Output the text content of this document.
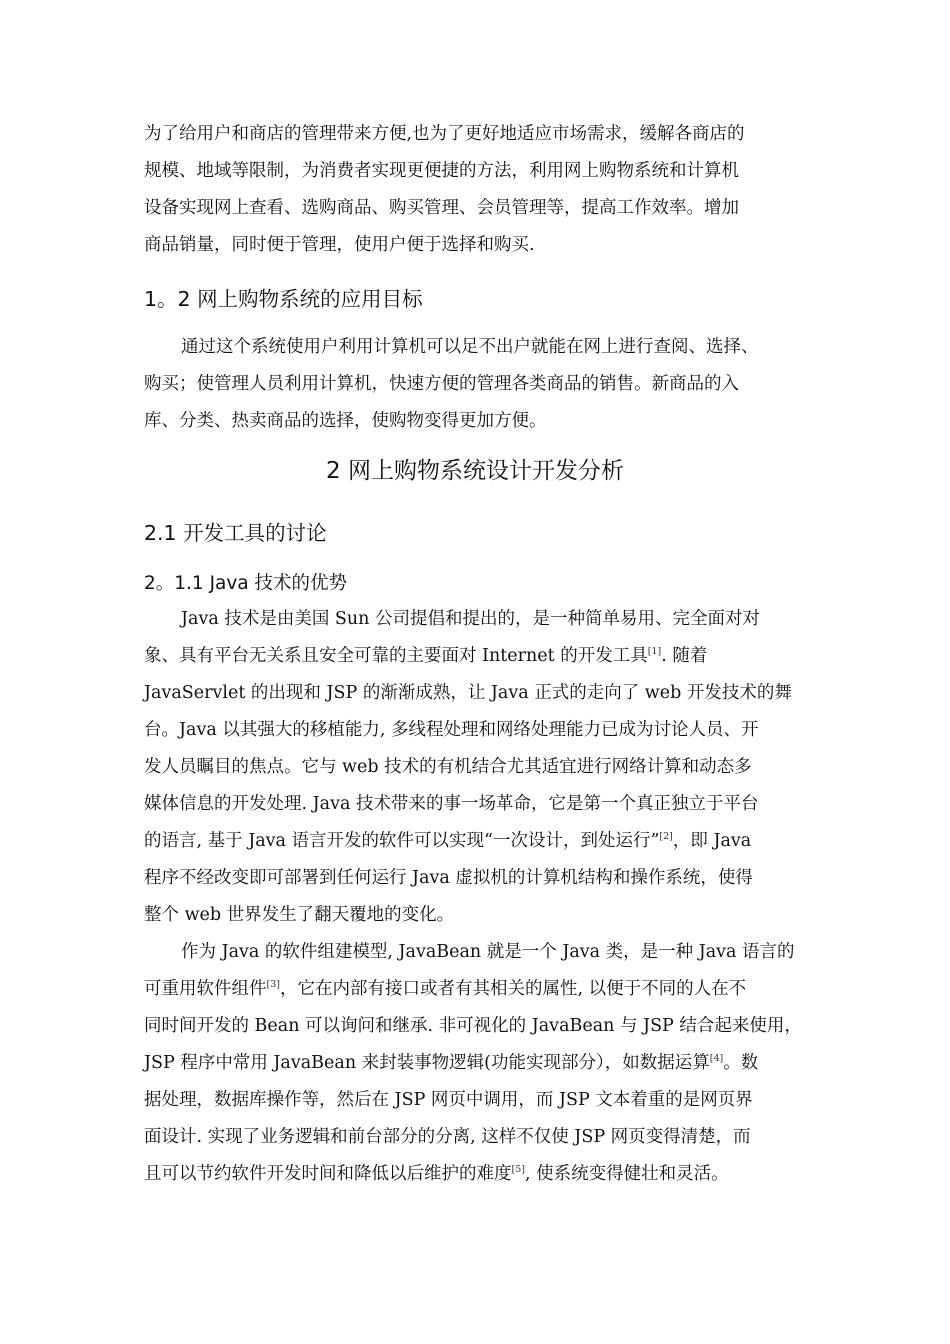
为了给用户和商店的管理带来方便,也为了更好地适应市场需求，缓解各商店的
规模、地域等限制，为消费者实现更便捷的方法，利用网上购物系统和计算机
设备实现网上查看、选购商品、购买管理、会员管理等，提高工作效率。增加
商品销量，同时便于管理，使用户便于选择和购买.
1。2 网上购物系统的应用目标
通过这个系统使用户利用计算机可以足不出户就能在网上进行查阅、选择、
购买；使管理人员利用计算机，快速方便的管理各类商品的销售。新商品的入
库、分类、热卖商品的选择，使购物变得更加方便。
2 网上购物系统设计开发分析
2.1 开发工具的讨论
2。1.1 Java 技术的优势
Java 技术是由美国 Sun 公司提倡和提出的，是一种简单易用、完全面对对
象、具有平台无关系且安全可靠的主要面对 Internet 的开发工具[1]. 随着
JavaServlet 的出现和 JSP 的渐渐成熟，让 Java 正式的走向了 web 开发技术的舞
台。Java 以其强大的移植能力, 多线程处理和网络处理能力已成为讨论人员、开
发人员瞩目的焦点。它与 web 技术的有机结合尤其适宜进行网络计算和动态多
媒体信息的开发处理. Java 技术带来的事一场革命，它是第一个真正独立于平台
的语言, 基于 Java 语言开发的软件可以实现“一次设计，到处运行”[2]，即 Java
程序不经改变即可部署到任何运行 Java 虚拟机的计算机结构和操作系统，使得
整个 web 世界发生了翻天覆地的变化。
作为 Java 的软件组建模型, JavaBean 就是一个 Java 类，是一种 Java 语言的
可重用软件组件[3]，它在内部有接口或者有其相关的属性, 以便于不同的人在不
同时间开发的 Bean 可以询问和继承. 非可视化的 JavaBean 与 JSP 结合起来使用，
JSP 程序中常用 JavaBean 来封装事物逻辑(功能实现部分），如数据运算[4]。数
据处理，数据库操作等，然后在 JSP 网页中调用，而 JSP 文本着重的是网页界
面设计. 实现了业务逻辑和前台部分的分离, 这样不仅使 JSP 网页变得清楚，而
且可以节约软件开发时间和降低以后维护的难度[5], 使系统变得健壮和灵活。
